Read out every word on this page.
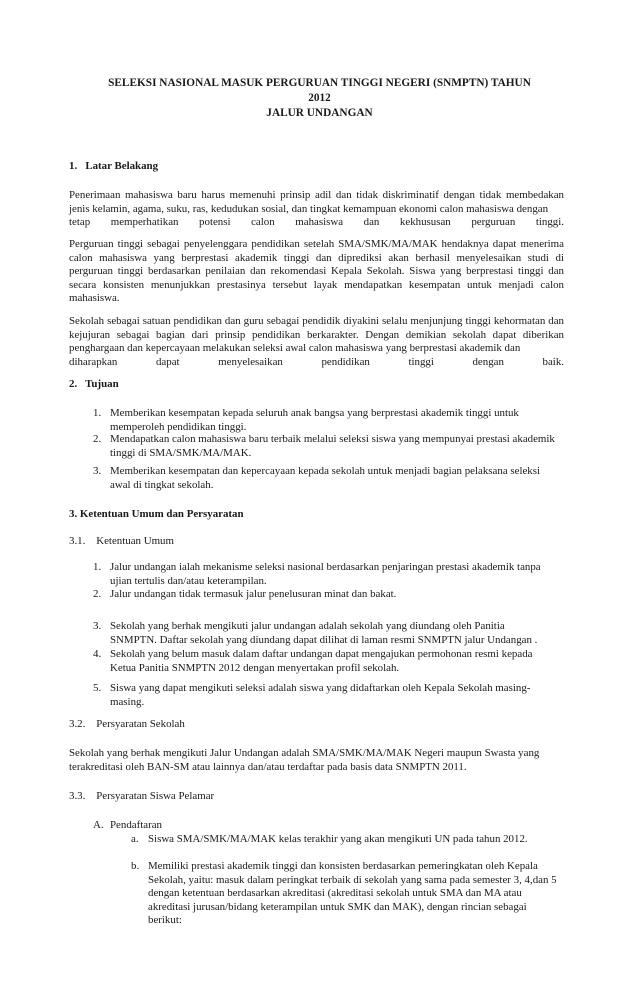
SELEKSI NASIONAL MASUK PERGURUAN TINGGI NEGERI (SNMPTN) TAHUN
2012
JALUR UNDANGAN
1.   Latar Belakang

Penerimaan mahasiswa baru harus memenuhi prinsip adil dan tidak diskriminatif dengan tidak membedakan jenis kelamin, agama, suku, ras, kedudukan sosial, dan tingkat kemampuan ekonomi calon mahasiswa dengan

tetap memperhatikan potensi calon mahasiswa dan kekhususan perguruan tinggi.

Perguruan tinggi sebagai penyelenggara pendidikan setelah SMA/SMK/MA/MAK hendaknya dapat menerima calon mahasiswa yang berprestasi akademik tinggi dan diprediksi akan berhasil menyelesaikan studi di perguruan tinggi berdasarkan penilaian dan rekomendasi Kepala Sekolah. Siswa yang berprestasi tinggi dan secara konsisten menunjukkan prestasinya tersebut layak mendapatkan kesempatan untuk menjadi calon mahasiswa.

Sekolah sebagai satuan pendidikan dan guru sebagai pendidik diyakini selalu menjunjung tinggi kehormatan dan kejujuran sebagai bagian dari prinsip pendidikan berkarakter. Dengan demikian sekolah dapat diberikan penghargaan dan kepercayaan melakukan seleksi awal calon mahasiswa yang berprestasi akademik dan

diharapkan dapat menyelesaikan pendidikan tinggi dengan baik.

2.   Tujuan
1. Memberikan kesempatan kepada seluruh anak bangsa yang berprestasi akademik tinggi untuk
memperoleh pendidikan tinggi.
2. Mendapatkan calon mahasiswa baru terbaik melalui seleksi siswa yang mempunyai prestasi akademik
tinggi di SMA/SMK/MA/MAK.
3. Memberikan kesempatan dan kepercayaan kepada sekolah untuk menjadi bagian pelaksana seleksi
awal di tingkat sekolah.
3. Ketentuan Umum dan Persyaratan
3.1.    Ketentuan Umum
1. Jalur undangan ialah mekanisme seleksi nasional berdasarkan penjaringan prestasi akademik tanpa
ujian tertulis dan/atau keterampilan.
2. Jalur undangan tidak termasuk jalur penelusuran minat dan bakat.
3. Sekolah yang berhak mengikuti jalur undangan adalah sekolah yang diundang oleh Panitia
SNMPTN. Daftar sekolah yang diundang dapat dilihat di laman resmi SNMPTN jalur Undangan .
4. Sekolah yang belum masuk dalam daftar undangan dapat mengajukan permohonan resmi kepada
Ketua Panitia SNMPTN 2012 dengan menyertakan profil sekolah.
5. Siswa yang dapat mengikuti seleksi adalah siswa yang didaftarkan oleh Kepala Sekolah masing-
masing.
3.2.    Persyaratan Sekolah
Sekolah yang berhak mengikuti Jalur Undangan adalah SMA/SMK/MA/MAK Negeri maupun Swasta yang
terakreditasi oleh BAN-SM atau lainnya dan/atau terdaftar pada basis data SNMPTN 2011.
3.3.    Persyaratan Siswa Pelamar
A. Pendaftaran
a. Siswa SMA/SMK/MA/MAK kelas terakhir yang akan mengikuti UN pada tahun 2012.
b. Memiliki prestasi akademik tinggi dan konsisten berdasarkan pemeringkatan oleh Kepala
Sekolah, yaitu: masuk dalam peringkat terbaik di sekolah yang sama pada semester 3, 4,dan 5
dengan ketentuan berdasarkan akreditasi (akreditasi sekolah untuk SMA dan MA atau
akreditasi jurusan/bidang keterampilan untuk SMK dan MAK), dengan rincian sebagai
berikut:
